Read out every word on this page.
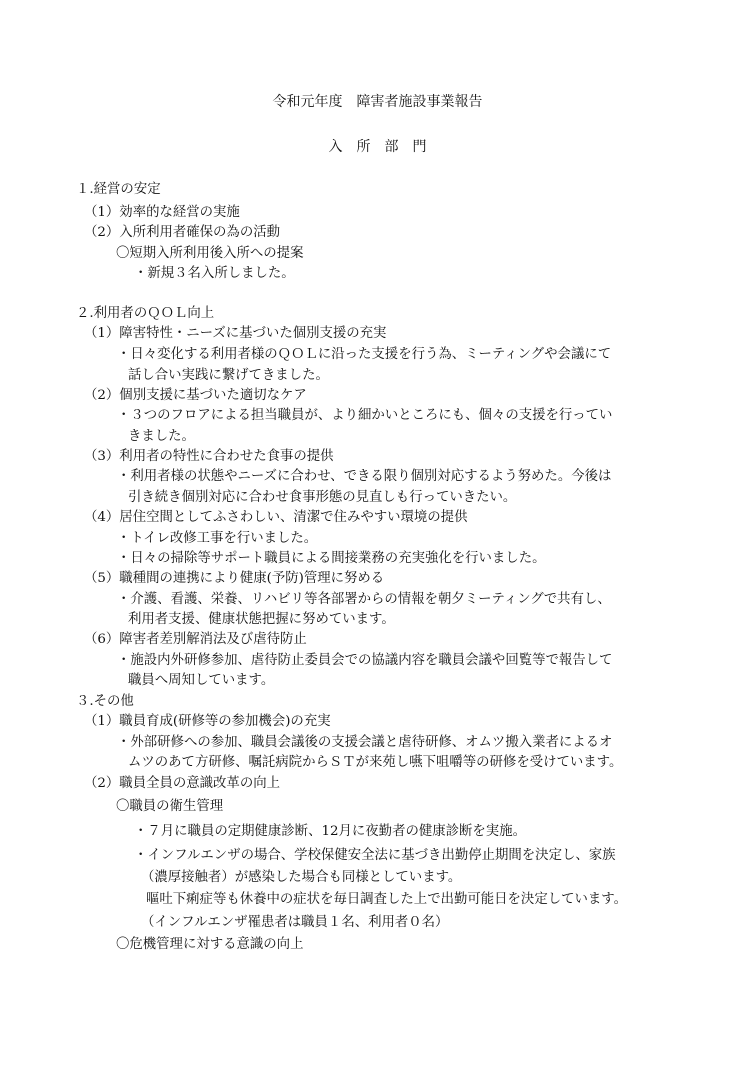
令和元年度　障害者施設事業報告
入所部門

１.経営の安定

（1）効率的な経営の実施

（2）入所利用者確保の為の活動

〇短期入所利用後入所への提案

・新規３名入所しました。

２.利用者のＱＯＬ向上

（1）障害特性・ニーズに基づいた個別支援の充実

・日々変化する利用者様のＱＯＬに沿った支援を行う為、ミーティングや会議にて

話し合い実践に繋げてきました。

（2）個別支援に基づいた適切なケア

・３つのフロアによる担当職員が、より細かいところにも、個々の支援を行ってい

きました。

（3）利用者の特性に合わせた食事の提供

・利用者様の状態やニーズに合わせ、できる限り個別対応するよう努めた。今後は

引き続き個別対応に合わせ食事形態の見直しも行っていきたい。

（4）居住空間としてふさわしい、清潔で住みやすい環境の提供

・トイレ改修工事を行いました。

・日々の掃除等サポート職員による間接業務の充実強化を行いました。

（5）職種間の連携により健康(予防)管理に努める

・介護、看護、栄養、リハビリ等各部署からの情報を朝夕ミーティングで共有し、

利用者支援、健康状態把握に努めています。

（6）障害者差別解消法及び虐待防止

・施設内外研修参加、虐待防止委員会での協議内容を職員会議や回覧等で報告して

職員へ周知しています。

３.その他

（1）職員育成(研修等の参加機会)の充実

・外部研修への参加、職員会議後の支援会議と虐待研修、オムツ搬入業者によるオ

ムツのあて方研修、嘱託病院からＳＴが来苑し嚥下咀嚼等の研修を受けています。

（2）職員全員の意識改革の向上

〇職員の衛生管理

・７月に職員の定期健康診断、12月に夜勤者の健康診断を実施。

・インフルエンザの場合、学校保健安全法に基づき出勤停止期間を決定し、家族

（濃厚接触者）が感染した場合も同様としています。

嘔吐下痢症等も休養中の症状を毎日調査した上で出勤可能日を決定しています。

（インフルエンザ罹患者は職員１名、利用者０名）

〇危機管理に対する意識の向上
